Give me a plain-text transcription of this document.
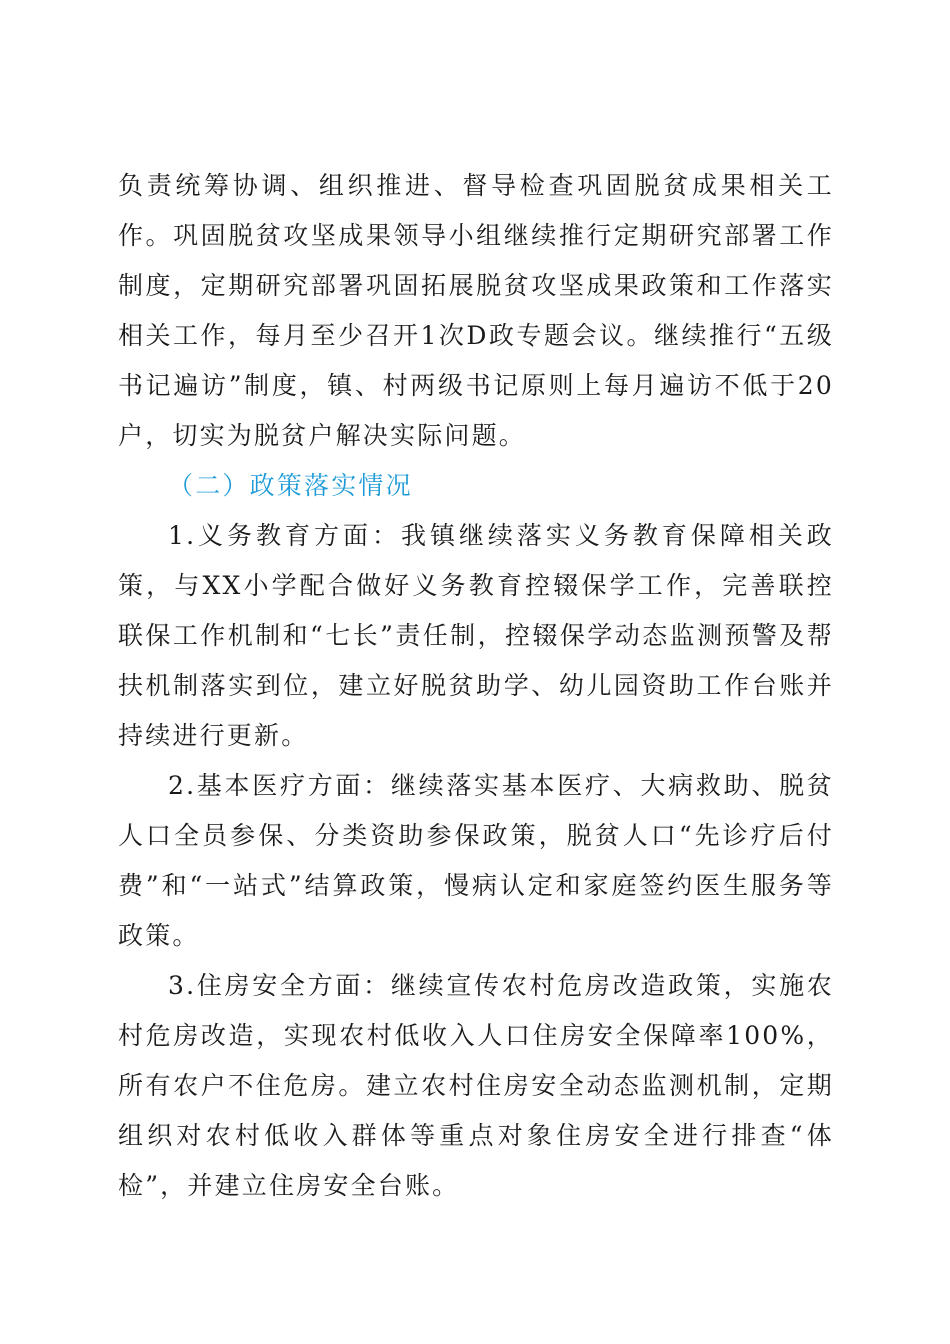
负责统筹协调、组织推进、督导检查巩固脱贫成果相关工作。巩固脱贫攻坚成果领导小组继续推行定期研究部署工作制度，定期研究部署巩固拓展脱贫攻坚成果政策和工作落实相关工作，每月至少召开1次D政专题会议。继续推行“五级书记遍访”制度，镇、村两级书记原则上每月遍访不低于20户，切实为脱贫户解决实际问题。

（二）政策落实情况

1.义务教育方面：我镇继续落实义务教育保障相关政策，与XX小学配合做好义务教育控辍保学工作，完善联控联保工作机制和“七长”责任制，控辍保学动态监测预警及帮扶机制落实到位，建立好脱贫助学、幼儿园资助工作台账并持续进行更新。

2.基本医疗方面：继续落实基本医疗、大病救助、脱贫人口全员参保、分类资助参保政策，脱贫人口“先诊疗后付费”和“一站式”结算政策，慢病认定和家庭签约医生服务等政策。

3.住房安全方面：继续宣传农村危房改造政策，实施农村危房改造，实现农村低收入人口住房安全保障率100%，所有农户不住危房。建立农村住房安全动态监测机制，定期组织对农村低收入群体等重点对象住房安全进行排查“体检”，并建立住房安全台账。
